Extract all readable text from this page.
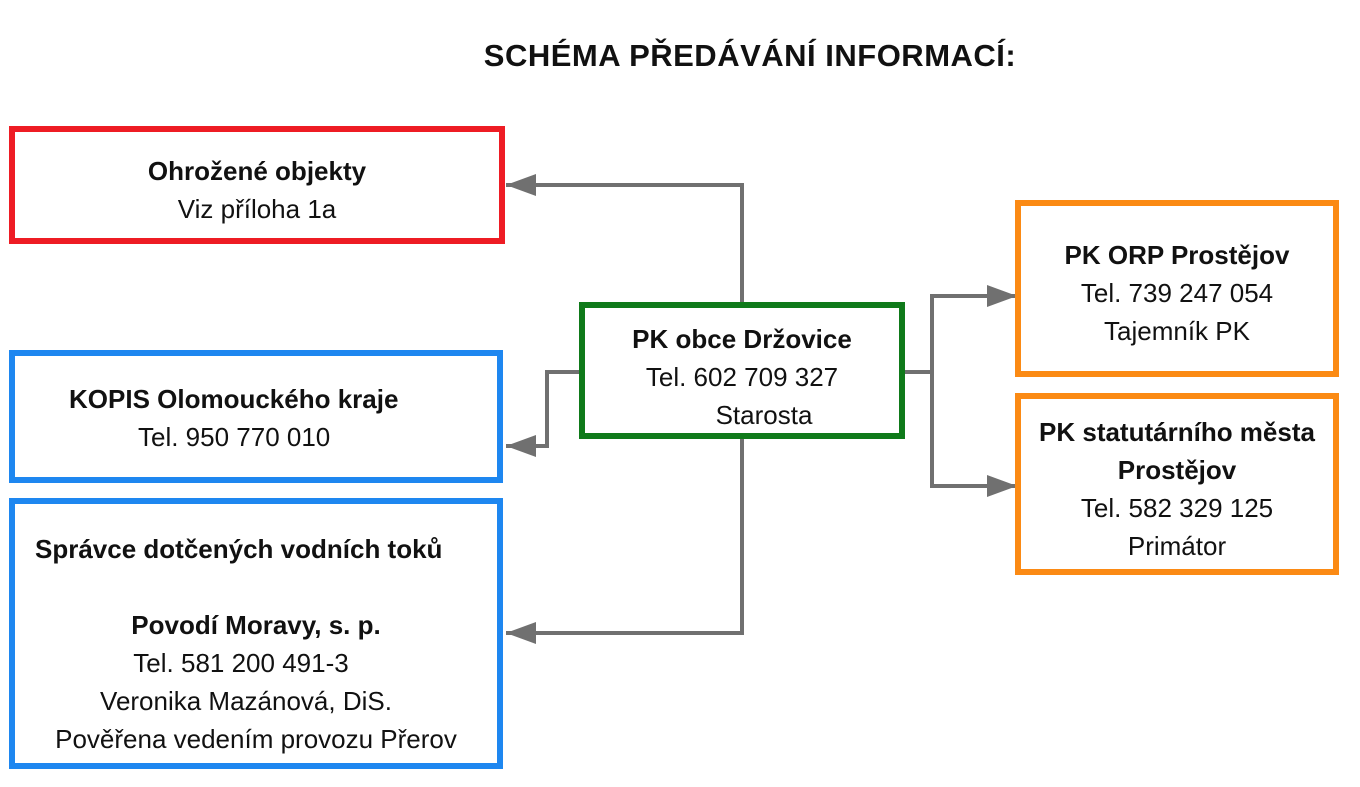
SCHÉMA PŘEDÁVÁNÍ INFORMACÍ:
Ohrožené objekty
Viz příloha 1a
KOPIS Olomouckého kraje
Tel. 950 770 010
Správce dotčených vodních toků
Povodí Moravy, s. p.
Tel. 581 200 491-3
Veronika Mazánová, DiS.
Pověřena vedením provozu Přerov
PK obce Držovice
Tel. 602 709 327
Starosta
PK ORP Prostějov
Tel. 739 247 054
Tajemník PK
PK statutárního města
Prostějov
Tel. 582 329 125
Primátor
